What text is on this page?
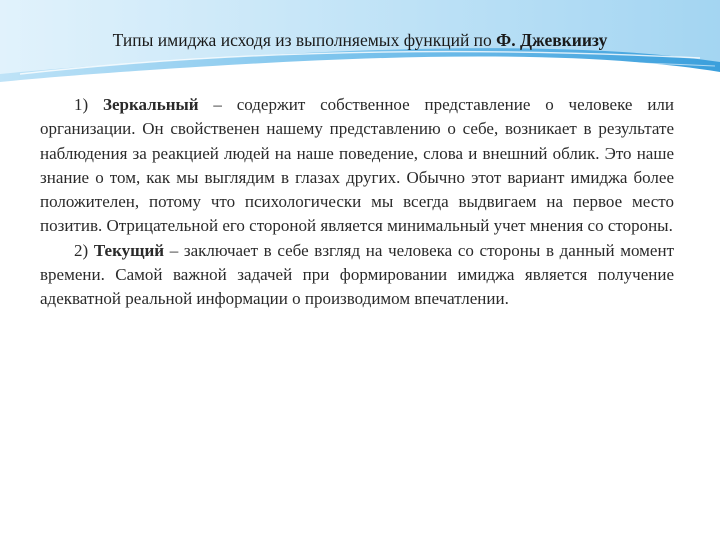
Типы имиджа исходя из выполняемых функций по Ф. Джевкиизу

1) Зеркальный – содержит собственное представление о человеке или организации. Он свойственен нашему представлению о себе, возникает в результате наблюдения за реакцией людей на наше поведение, слова и внешний облик. Это наше знание о том, как мы выглядим в глазах других. Обычно этот вариант имиджа более положителен, потому что психологически мы всегда выдвигаем на первое место позитив. Отрицательной его стороной является минимальный учет мнения со стороны.

2) Текущий – заключает в себе взгляд на человека со стороны в данный момент времени. Самой важной задачей при формировании имиджа является получение адекватной реальной информации о производимом впечатлении.
